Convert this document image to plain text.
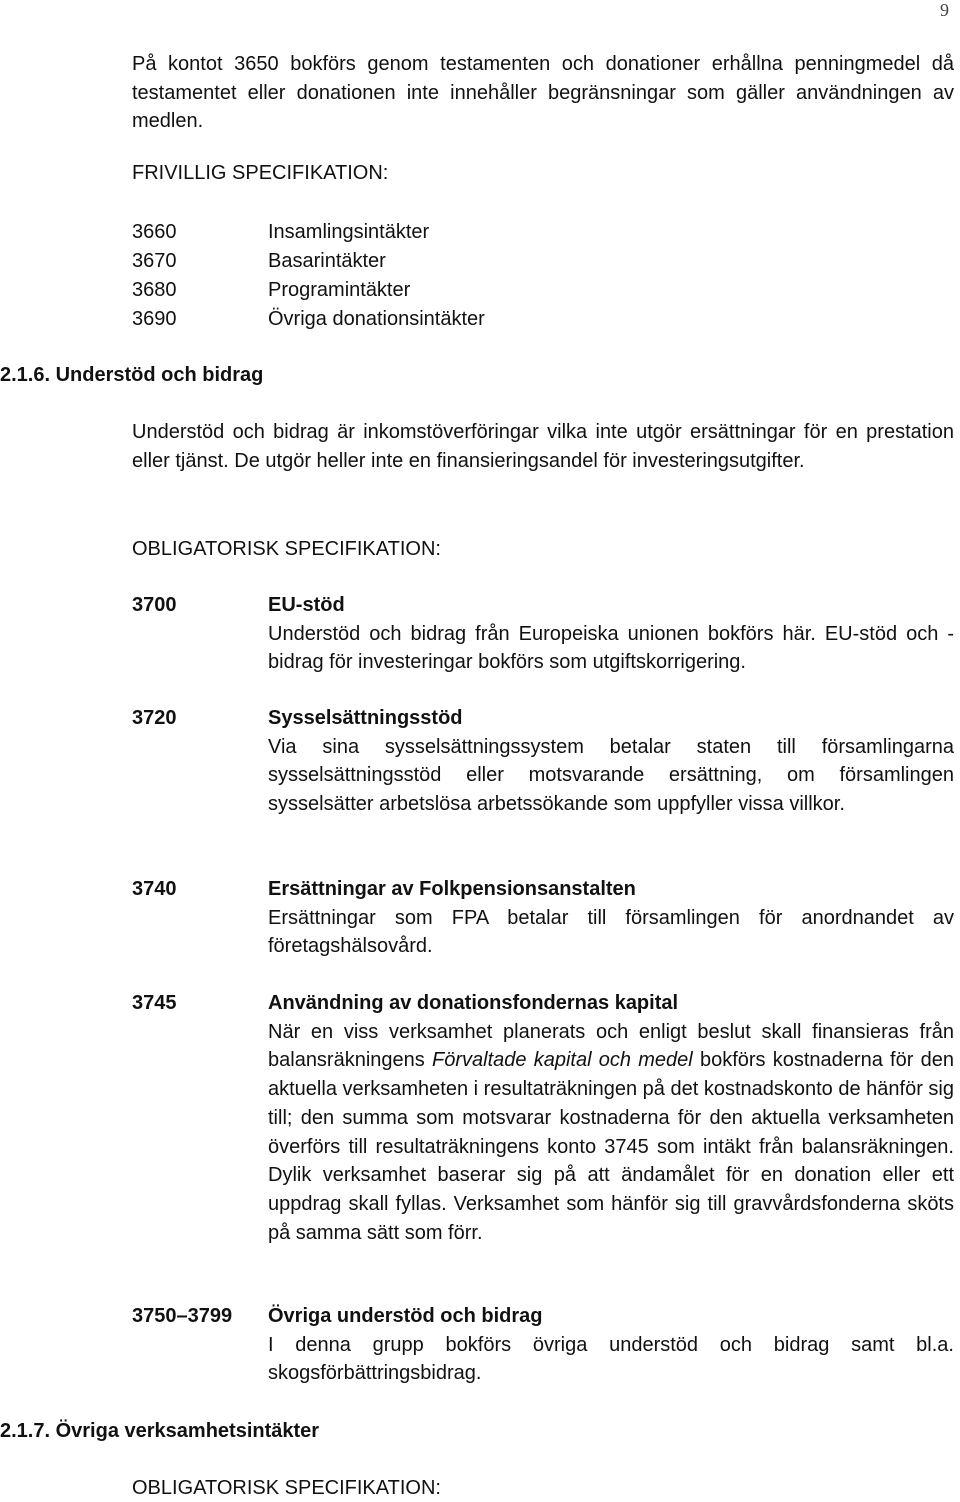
9

På kontot 3650 bokförs genom testamenten och donationer erhållna penningmedel då testamentet eller donationen inte innehåller begränsningar som gäller användningen av medlen.

FRIVILLIG SPECIFIKATION:
3660	Insamlingsintäkter
3670	Basarintäkter
3680	Programintäkter
3690	Övriga donationsintäkter
2.1.6. Understöd och bidrag

Understöd och bidrag är inkomstöverföringar vilka inte utgör ersättningar för en prestation eller tjänst. De utgör heller inte en finansieringsandel för investeringsutgifter.

OBLIGATORISK SPECIFIKATION:
3700	EU-stöd
Understöd och bidrag från Europeiska unionen bokförs här. EU-stöd och -bidrag för investeringar bokförs som utgiftskorrigering.
3720	Sysselsättningsstöd
Via sina sysselsättningssystem betalar staten till församlingarna sysselsättningsstöd eller motsvarande ersättning, om församlingen sysselsätter arbetslösa arbetssökande som uppfyller vissa villkor.
3740	Ersättningar av Folkpensionsanstalten
Ersättningar som FPA betalar till församlingen för anordnandet av företagshälsovård.
3745	Användning av donationsfondernas kapital
När en viss verksamhet planerats och enligt beslut skall finansieras från balansräkningens Förvaltade kapital och medel bokförs kostnaderna för den aktuella verksamheten i resultaträkningen på det kostnadskonto de hänför sig till; den summa som motsvarar kostnaderna för den aktuella verksamheten överförs till resultaträkningens konto 3745 som intäkt från balansräkningen. Dylik verksamhet baserar sig på att ändamålet för en donation eller ett uppdrag skall fyllas. Verksamhet som hänför sig till gravvårdsfonderna sköts på samma sätt som förr.
3750–3799	Övriga understöd och bidrag
I denna grupp bokförs övriga understöd och bidrag samt bl.a. skogsförbättringsbidrag.
2.1.7. Övriga verksamhetsintäkter
OBLIGATORISK SPECIFIKATION:
